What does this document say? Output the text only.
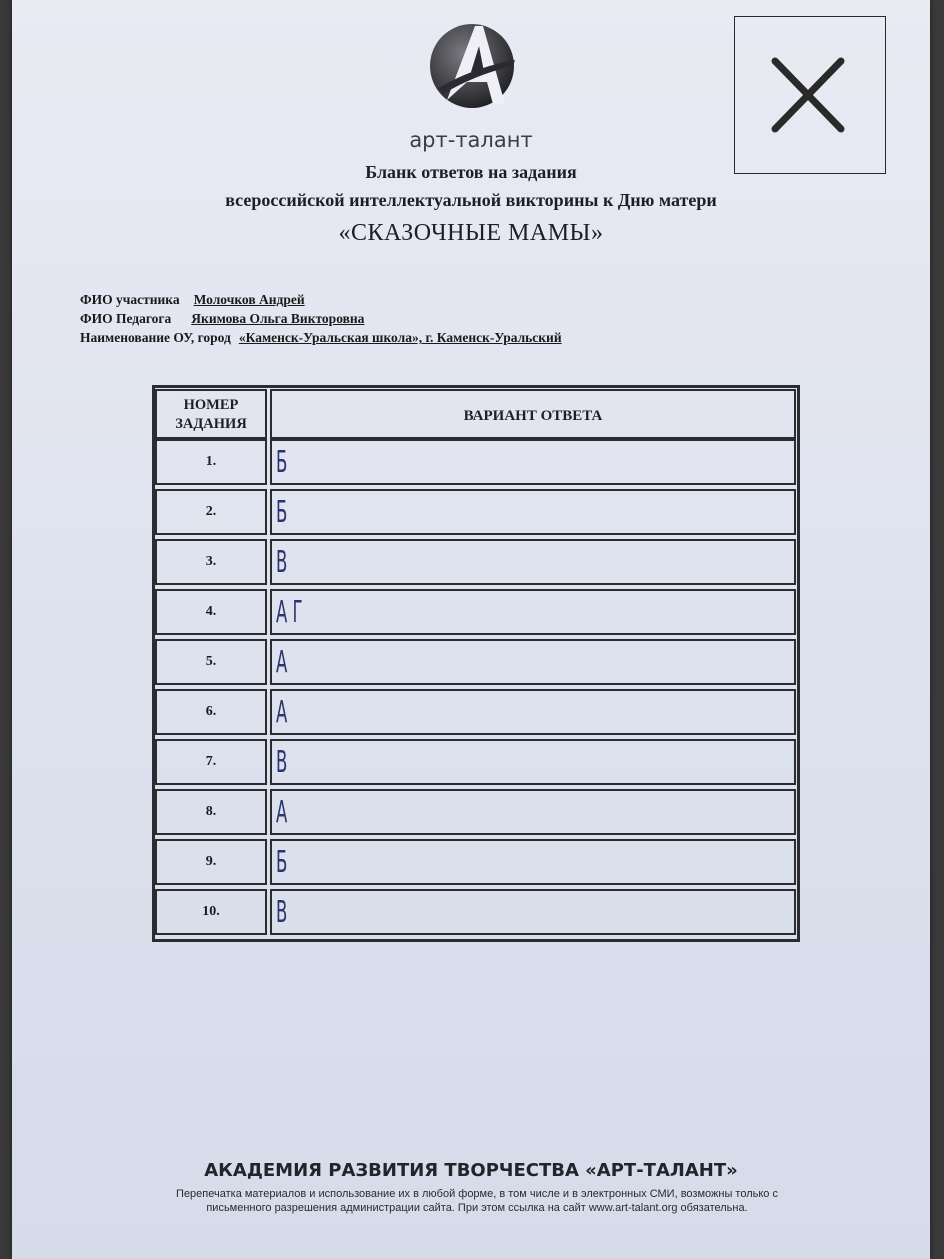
арт-талант
Бланк ответов на задания
всероссийской интеллектуальной викторины к Дню матери
«СКАЗОЧНЫЕ МАМЫ»
ФИО участника Молочков Андрей
ФИО Педагога Якимова Ольга Викторовна
Наименование ОУ, город «Каменск-Уральская школа», г. Каменск-Уральский
НОМЕР
ЗАДАНИЯ	ВАРИАНТ ОТВЕТА
1.	Б
2.	Б
3.	В
4.	А Г
5.	А
6.	А
7.	В
8.	А
9.	Б
10.	В
АКАДЕМИЯ РАЗВИТИЯ ТВОРЧЕСТВА «АРТ-ТАЛАНТ»
Перепечатка материалов и использование их в любой форме, в том числе и в электронных СМИ, возможны только с
письменного разрешения администрации сайта. При этом ссылка на сайт www.art-talant.org обязательна.
